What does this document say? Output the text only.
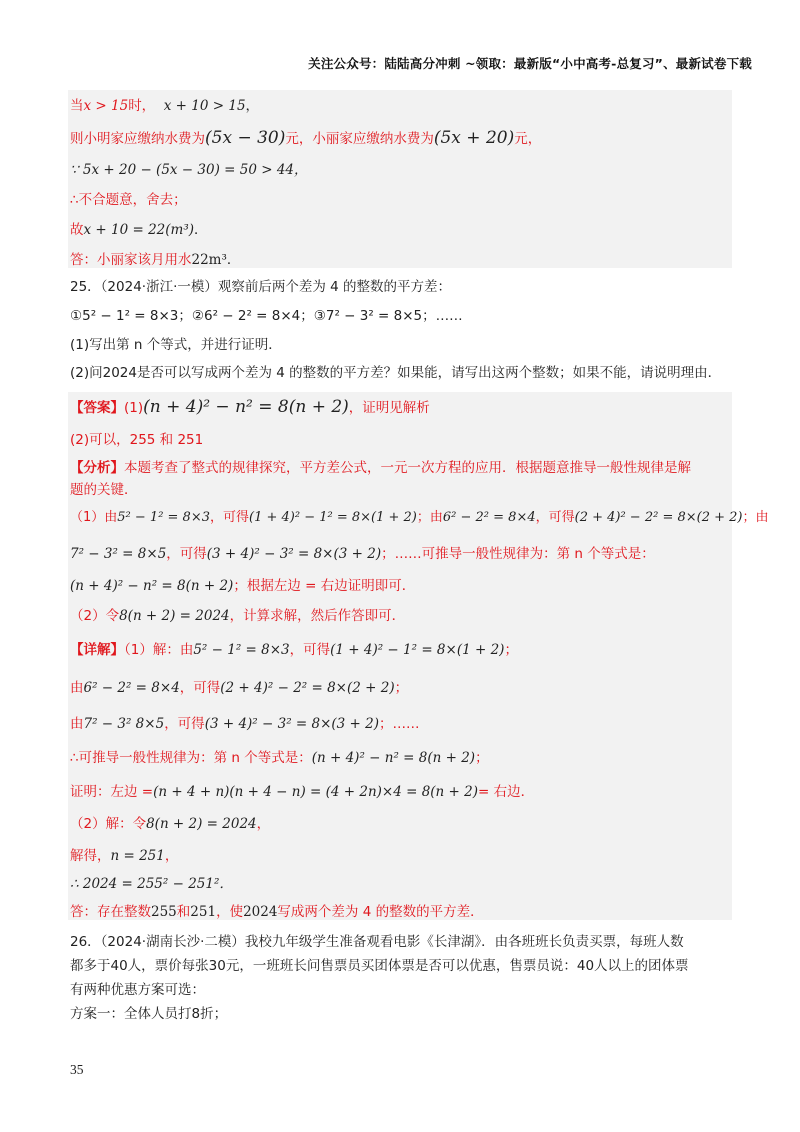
关注公众号：陆陆高分冲刺 ~领取：最新版“小中高考-总复习”、最新试卷下载
当x > 15时， x + 10 > 15，
则小明家应缴纳水费为(5x − 30)元，小丽家应缴纳水费为(5x + 20)元，
∵ 5x + 20 − (5x − 30) = 50 > 44，
∴不合题意，舍去；
故x + 10 = 22(m³)．
答：小丽家该月用水22m³．
25．（2024·浙江·一模）观察前后两个差为 4 的整数的平方差：
①5² − 1² = 8×3；②6² − 2² = 8×4；③7² − 3² = 8×5；……
(1)写出第 n 个等式，并进行证明．
(2)问2024是否可以写成两个差为 4 的整数的平方差？如果能，请写出这两个整数；如果不能，请说明理由．
【答案】(1)(n + 4)² − n² = 8(n + 2)，证明见解析
(2)可以，255 和 251
【分析】本题考查了整式的规律探究，平方差公式，一元一次方程的应用．根据题意推导一般性规律是解
题的关键．
（1）由5² − 1² = 8×3，可得(1 + 4)² − 1² = 8×(1 + 2)；由6² − 2² = 8×4，可得(2 + 4)² − 2² = 8×(2 + 2)；由
7² − 3² = 8×5，可得(3 + 4)² − 3² = 8×(3 + 2)；……可推导一般性规律为：第 n 个等式是：
(n + 4)² − n² = 8(n + 2)；根据左边 = 右边证明即可．
（2）令8(n + 2) = 2024，计算求解，然后作答即可．
【详解】（1）解：由5² − 1² = 8×3，可得(1 + 4)² − 1² = 8×(1 + 2)；
由6² − 2² = 8×4，可得(2 + 4)² − 2² = 8×(2 + 2)；
由7² − 3² 8×5，可得(3 + 4)² − 3² = 8×(3 + 2)；……
∴可推导一般性规律为：第 n 个等式是：(n + 4)² − n² = 8(n + 2)；
证明：左边 =(n + 4 + n)(n + 4 − n) = (4 + 2n)×4 = 8(n + 2)= 右边．
（2）解：令8(n + 2) = 2024，
解得，n = 251，
∴ 2024 = 255² − 251²．
答：存在整数255和251，使2024写成两个差为 4 的整数的平方差．
26．（2024·湖南长沙·二模）我校九年级学生准备观看电影《长津湖》．由各班班长负责买票，每班人数
都多于40人，票价每张30元，一班班长问售票员买团体票是否可以优惠，售票员说：40人以上的团体票
有两种优惠方案可选：
方案一：全体人员打8折；
35
